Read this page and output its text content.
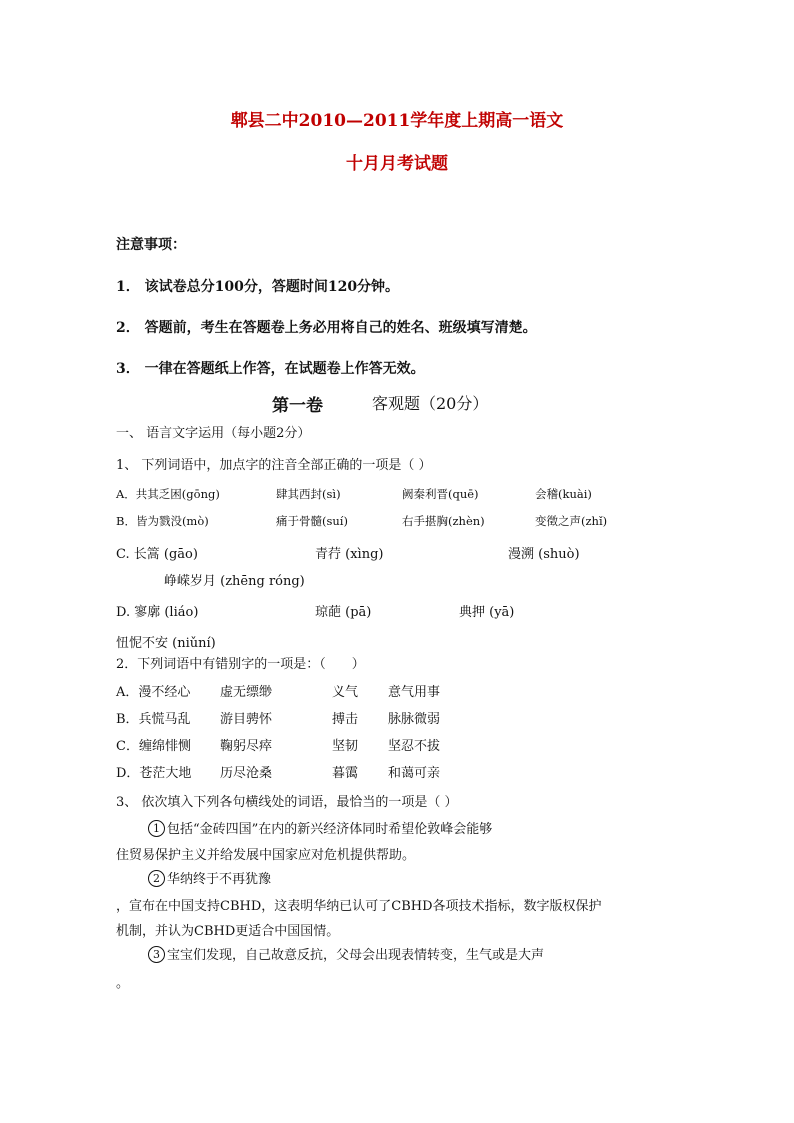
郫县二中2010—2011学年度上期高一语文
十月月考试题
注意事项：
1． 该试卷总分100分，答题时间120分钟。
2． 答题前，考生在答题卷上务必用将自己的姓名、班级填写清楚。
3． 一律在答题纸上作答，在试题卷上作答无效。
第一卷	客观题（20分）
一、 语言文字运用（每小题2分）
1、 下列词语中，加点字的注音全部正确的一项是（ ）
A．共其乏困(gōng)	肆其西封(sì)	阙秦利晋(quē)	会稽(kuài)
B．皆为戮没(mò)	痛于骨髓(suí)	右手揕胸(zhèn)	变徵之声(zhǐ)
C. 长篙 (gāo)	青荇 (xìng)	漫溯 (shuò)
峥嵘岁月 (zhēng róng)
D. 寥廓 (liáo)	琼葩 (pā)	典押 (yā)
忸怩不安 (niǔní)
2．下列词语中有错别字的一项是：（　　）
A．漫不经心 虚无缥缈	义气 意气用事
B．兵慌马乱 游目骋怀	搏击 脉脉微弱
C．缠绵悱恻 鞠躬尽瘁	坚韧 坚忍不拔
D．苍茫大地 历尽沧桑	暮霭 和蔼可亲
3、 依次填入下列各句横线处的词语，最恰当的一项是（ ）
1 包括“金砖四国”在内的新兴经济体同时希望伦敦峰会能够
住贸易保护主义并给发展中国家应对危机提供帮助。
2 华纳终于不再犹豫
，宣布在中国支持CBHD，这表明华纳已认可了CBHD各项技术指标，数字版权保护
机制，并认为CBHD更适合中国国情。
3 宝宝们发现，自己故意反抗，父母会出现表情转变，生气或是大声
。
